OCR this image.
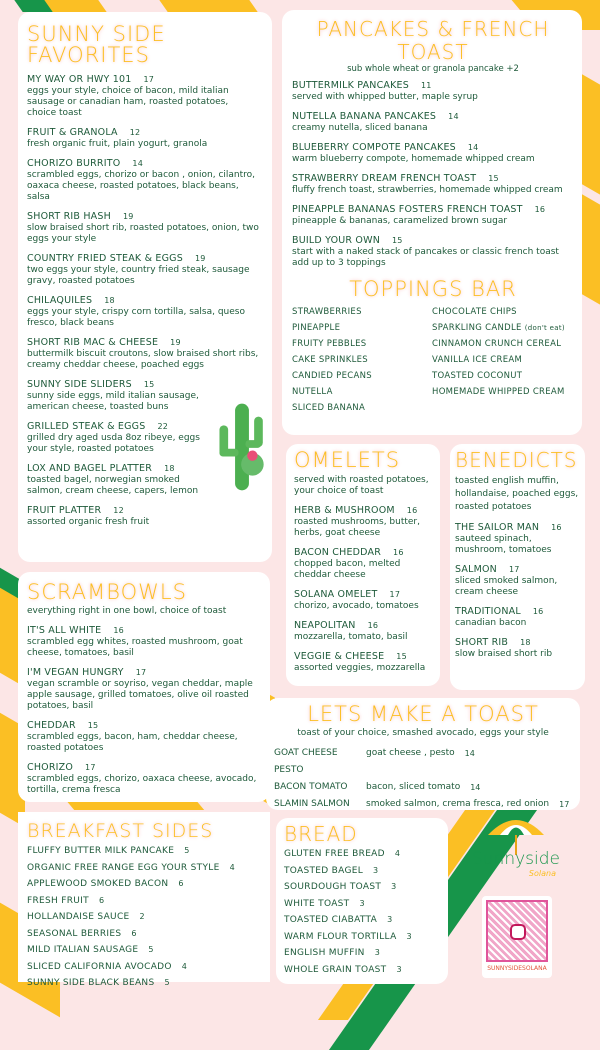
SUNNY SIDE FAVORITES
MY WAY OR HWY 101 17
eggs your style, choice of bacon, mild italian sausage or canadian ham, roasted potatoes, choice toast
FRUIT & GRANOLA 12
fresh organic fruit, plain yogurt, granola
CHORIZO BURRITO 14
scrambled eggs, chorizo or bacon , onion, cilantro, oaxaca cheese, roasted potatoes, black beans, salsa
SHORT RIB HASH 19
slow braised short rib, roasted potatoes, onion, two eggs your style
COUNTRY FRIED STEAK & EGGS 19
two eggs your style, country fried steak, sausage gravy, roasted potatoes
CHILAQUILES 18
eggs your style, crispy corn tortilla, salsa, queso fresco, black beans
SHORT RIB MAC & CHEESE 19
buttermilk biscuit croutons, slow braised short ribs, creamy cheddar cheese, poached eggs
SUNNY SIDE SLIDERS 15
sunny side eggs, mild italian sausage, american cheese, toasted buns
GRILLED STEAK & EGGS 22
grilled dry aged usda 8oz ribeye, eggs your style, roasted potatoes
LOX AND BAGEL PLATTER 18
toasted bagel, norwegian smoked salmon, cream cheese, capers, lemon
FRUIT PLATTER 12
assorted organic fresh fruit
PANCAKES & FRENCH TOAST
sub whole wheat or granola pancake +2
BUTTERMILK PANCAKES 11
served with whipped butter, maple syrup
NUTELLA BANANA PANCAKES 14
creamy nutella, sliced banana
BLUEBERRY COMPOTE PANCAKES 14
warm blueberry compote, homemade whipped cream
STRAWBERRY DREAM FRENCH TOAST 15
fluffy french toast, strawberries, homemade whipped cream
PINEAPPLE BANANAS FOSTERS FRENCH TOAST 16
pineapple & bananas, caramelized brown sugar
BUILD YOUR OWN 15
start with a naked stack of pancakes or classic french toast add up to 3 toppings
TOPPINGS BAR
STRAWBERRIES
PINEAPPLE
FRUITY PEBBLES
CAKE SPRINKLES
CANDIED PECANS
NUTELLA
SLICED BANANA
CHOCOLATE CHIPS
SPARKLING CANDLE (don't eat)
CINNAMON CRUNCH CEREAL
VANILLA ICE CREAM
TOASTED COCONUT
HOMEMADE WHIPPED CREAM
OMELETS
served with roasted potatoes, your choice of toast
HERB & MUSHROOM 16
roasted mushrooms, butter, herbs, goat cheese
BACON CHEDDAR 16
chopped bacon, melted cheddar cheese
SOLANA OMELET 17
chorizo, avocado, tomatoes
NEAPOLITAN 16
mozzarella, tomato, basil
VEGGIE & CHEESE 15
assorted veggies, mozzarella
BENEDICTS
toasted english muffin, hollandaise, poached eggs, roasted potatoes
THE SAILOR MAN 16
sauteed spinach, mushroom, tomatoes
SALMON 17
sliced smoked salmon, cream cheese
TRADITIONAL 16
canadian bacon
SHORT RIB 18
slow braised short rib
LETS MAKE A TOAST
toast of your choice, smashed avocado, eggs your style
GOAT CHEESE PESTO
goat cheese , pesto 14
BACON TOMATO	bacon, sliced tomato 14
SLAMIN SALMON	smoked salmon, crema fresca, red onion 17
SCRAMBOWLS
everything right in one bowl, choice of toast
IT'S ALL WHITE 16
scrambled egg whites, roasted mushroom, goat cheese, tomatoes, basil
I'M VEGAN HUNGRY 17
vegan scramble or soyriso, vegan cheddar, maple apple sausage, grilled tomatoes, olive oil roasted potatoes, basil
CHEDDAR 15
scrambled eggs, bacon, ham, cheddar cheese, roasted potatoes
CHORIZO 17
scrambled eggs, chorizo, oaxaca cheese, avocado, tortilla, crema fresca
BREAKFAST SIDES
FLUFFY BUTTER MILK PANCAKE 5
ORGANIC FREE RANGE EGG YOUR STYLE 4
APPLEWOOD SMOKED BACON 6
FRESH FRUIT 6
HOLLANDAISE SAUCE 2
SEASONAL BERRIES 6
MILD ITALIAN SAUSAGE 5
SLICED CALIFORNIA AVOCADO 4
SUNNY SIDE BLACK BEANS 5
BREAD
GLUTEN FREE BREAD 4
TOASTED BAGEL 3
SOURDOUGH TOAST 3
WHITE TOAST 3
TOASTED CIABATTA 3
WARM FLOUR TORTILLA 3
ENGLISH MUFFIN 3
WHOLE GRAIN TOAST 3
Sunnyside
Solana
SUNNYSIDESOLANA
